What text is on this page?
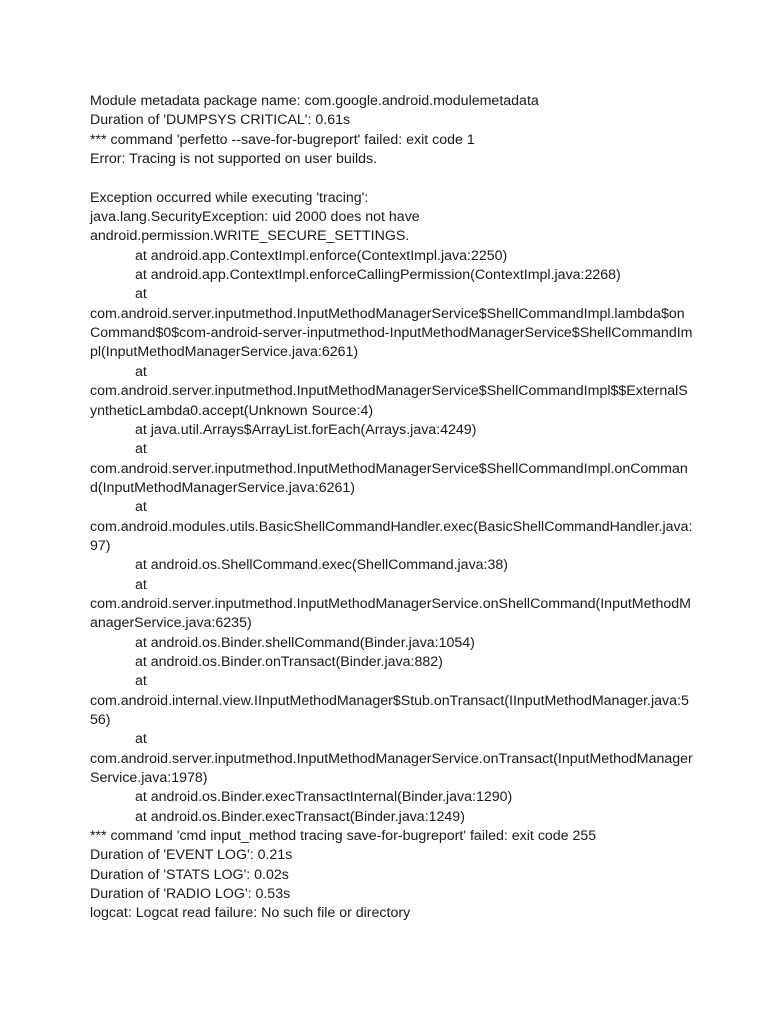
Module metadata package name: com.google.android.modulemetadata
Duration of 'DUMPSYS CRITICAL': 0.61s
*** command 'perfetto --save-for-bugreport' failed: exit code 1
Error: Tracing is not supported on user builds.
Exception occurred while executing 'tracing':
java.lang.SecurityException: uid 2000 does not have
android.permission.WRITE_SECURE_SETTINGS.
at android.app.ContextImpl.enforce(ContextImpl.java:2250)
at android.app.ContextImpl.enforceCallingPermission(ContextImpl.java:2268)
at
com.android.server.inputmethod.InputMethodManagerService$ShellCommandImpl.lambda$on
Command$0$com-android-server-inputmethod-InputMethodManagerService$ShellCommandIm
pl(InputMethodManagerService.java:6261)
at
com.android.server.inputmethod.InputMethodManagerService$ShellCommandImpl$$ExternalS
yntheticLambda0.accept(Unknown Source:4)
at java.util.Arrays$ArrayList.forEach(Arrays.java:4249)
at
com.android.server.inputmethod.InputMethodManagerService$ShellCommandImpl.onComman
d(InputMethodManagerService.java:6261)
at
com.android.modules.utils.BasicShellCommandHandler.exec(BasicShellCommandHandler.java:
97)
at android.os.ShellCommand.exec(ShellCommand.java:38)
at
com.android.server.inputmethod.InputMethodManagerService.onShellCommand(InputMethodM
anagerService.java:6235)
at android.os.Binder.shellCommand(Binder.java:1054)
at android.os.Binder.onTransact(Binder.java:882)
at
com.android.internal.view.IInputMethodManager$Stub.onTransact(IInputMethodManager.java:5
56)
at
com.android.server.inputmethod.InputMethodManagerService.onTransact(InputMethodManager
Service.java:1978)
at android.os.Binder.execTransactInternal(Binder.java:1290)
at android.os.Binder.execTransact(Binder.java:1249)
*** command 'cmd input_method tracing save-for-bugreport' failed: exit code 255
Duration of 'EVENT LOG': 0.21s
Duration of 'STATS LOG': 0.02s
Duration of 'RADIO LOG': 0.53s
logcat: Logcat read failure: No such file or directory
